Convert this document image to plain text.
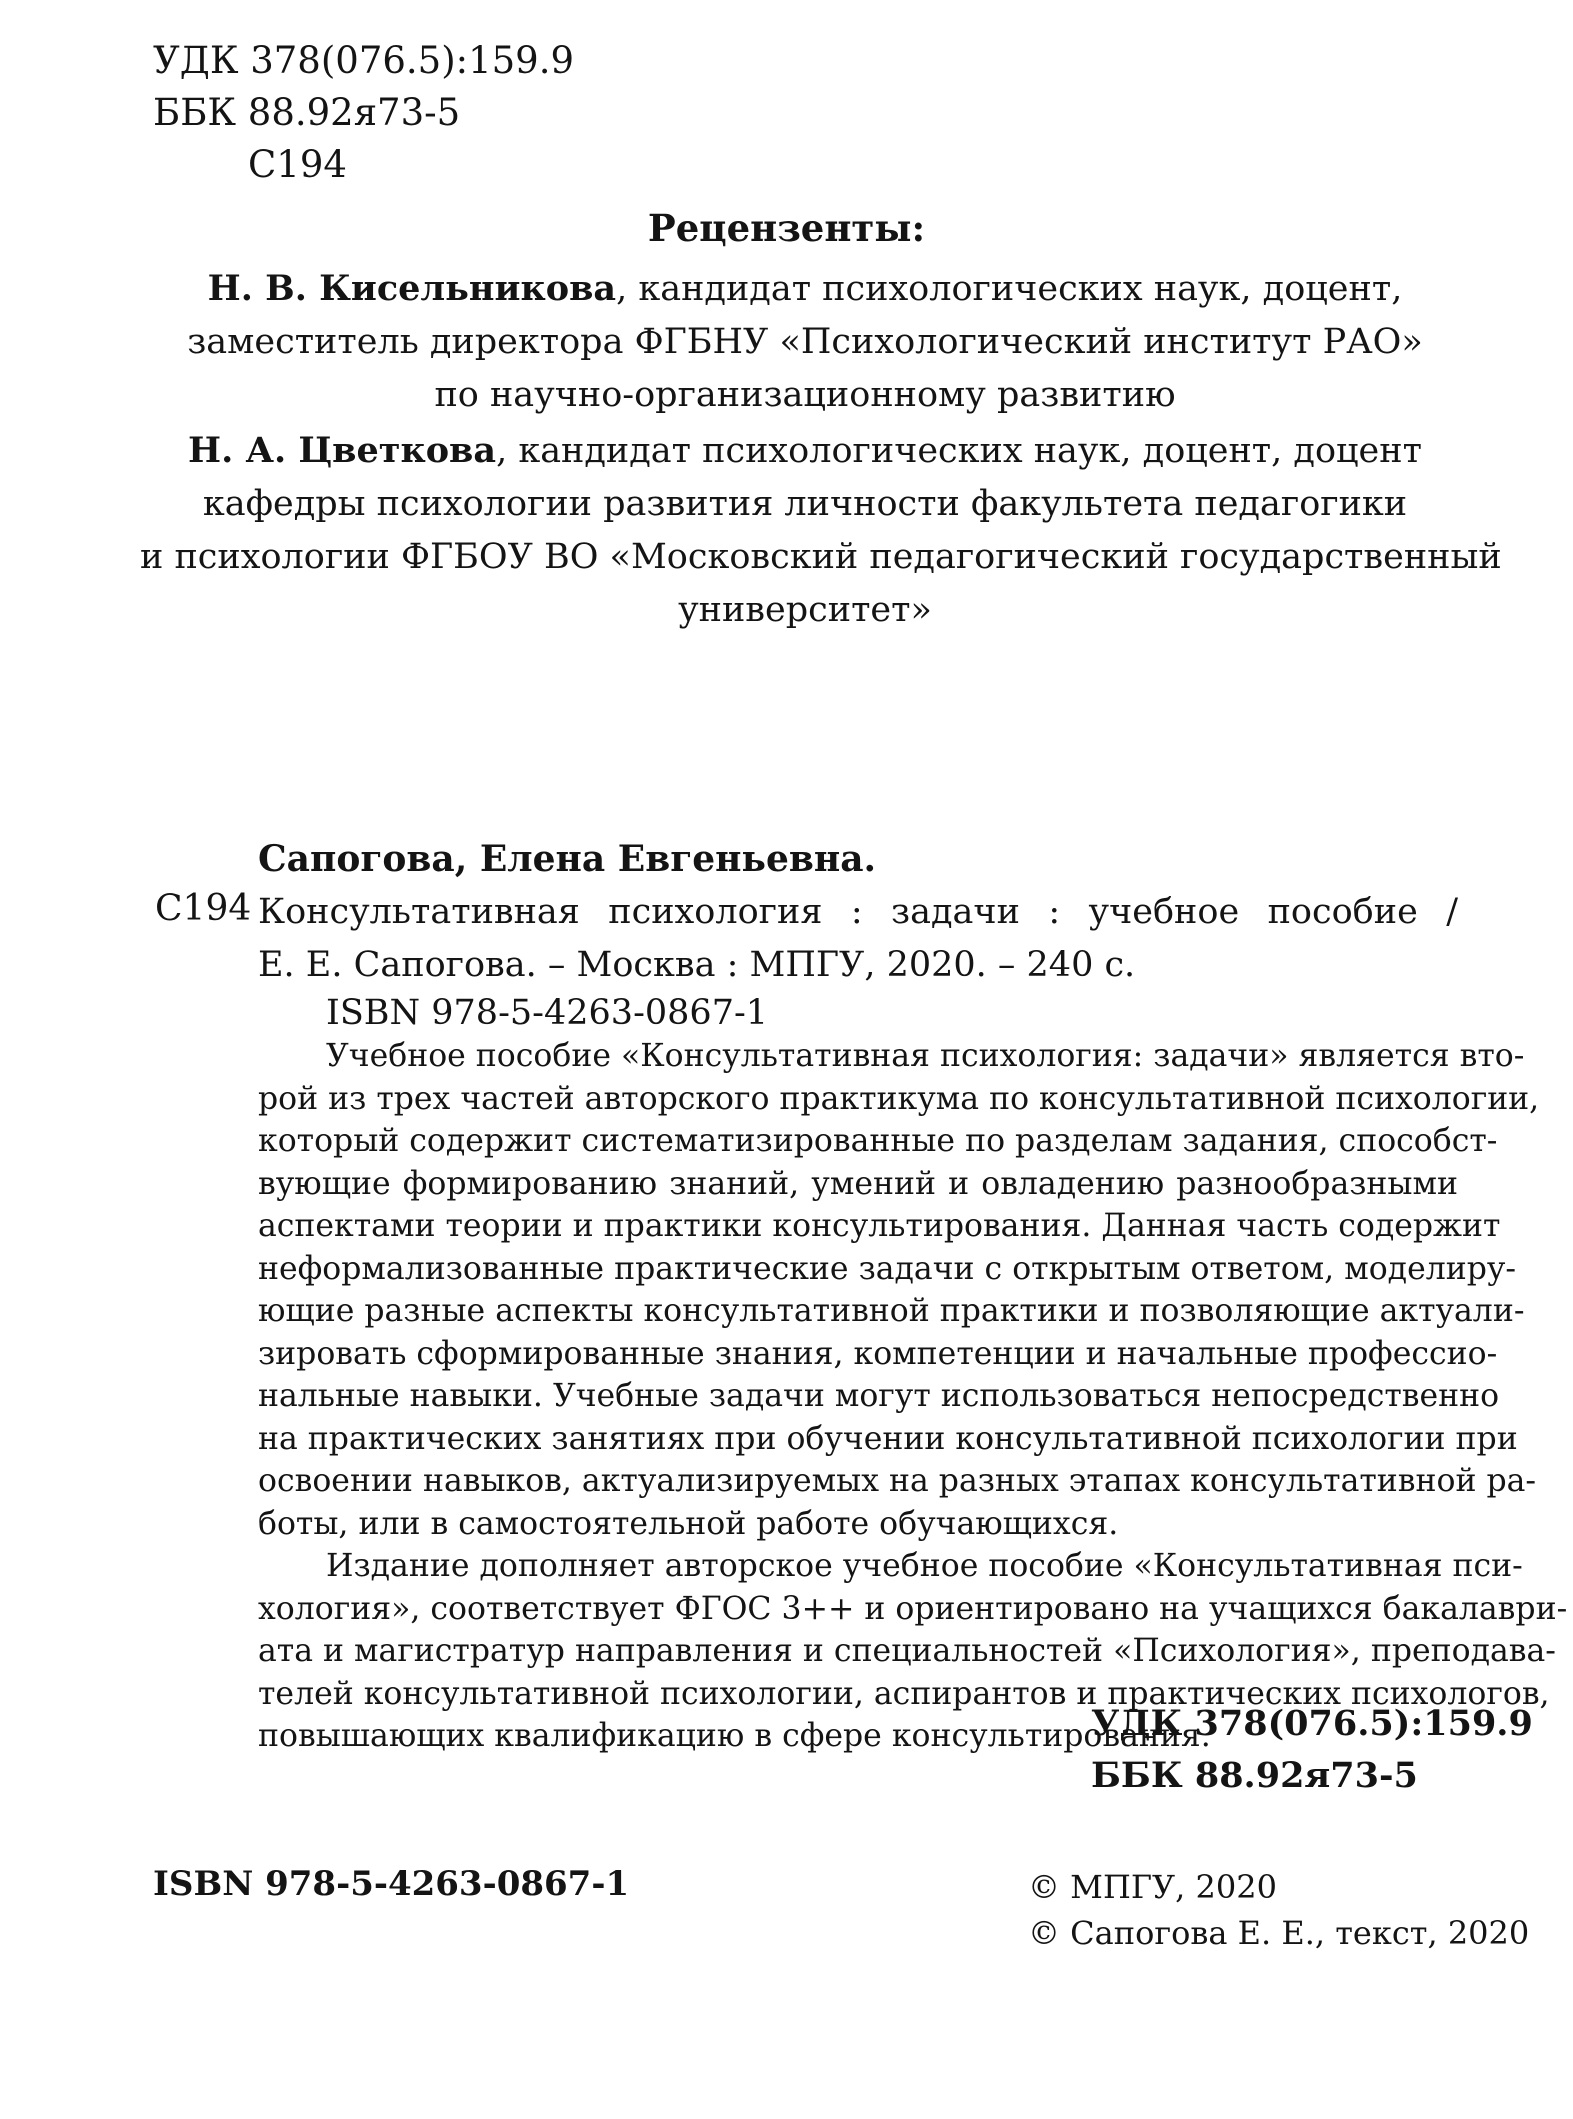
УДК 378(076.5):159.9
ББК 88.92я73-5
С194
Рецензенты:
Н. В. Кисельникова, кандидат психологических наук, доцент,
заместитель директора ФГБНУ «Психологический институт РАО»
по научно-организационному развитию
Н. А. Цветкова, кандидат психологических наук, доцент, доцент
кафедры психологии развития личности факультета педагогики
и психологии ФГБОУ ВО «Московский педагогический государственный
университет»
Сапогова, Елена Евгеньевна.
С194 Консультативная психология : задачи : учебное пособие /
Е. Е. Сапогова. – Москва : МПГУ, 2020. – 240 с.
ISBN 978-5-4263-0867-1
Учебное пособие «Консультативная психология: задачи» является вто-
рой из трех частей авторского практикума по консультативной психологии,
который содержит систематизированные по разделам задания, способст-
вующие формированию знаний, умений и овладению разнообразными
аспектами теории и практики консультирования. Данная часть содержит
неформализованные практические задачи с открытым ответом, моделиру-
ющие разные аспекты консультативной практики и позволяющие актуали-
зировать сформированные знания, компетенции и начальные профессио-
нальные навыки. Учебные задачи могут использоваться непосредственно
на практических занятиях при обучении консультативной психологии при
освоении навыков, актуализируемых на разных этапах консультативной ра-
боты, или в самостоятельной работе обучающихся.
Издание дополняет авторское учебное пособие «Консультативная пси-
хология», соответствует ФГОС 3++ и ориентировано на учащихся бакалаври-
ата и магистратур направления и специальностей «Психология», преподава-
телей консультативной психологии, аспирантов и практических психологов,
повышающих квалификацию в сфере консультирования.
УДК 378(076.5):159.9
ББК 88.92я73-5
ISBN 978-5-4263-0867-1	© МПГУ, 2020
© Сапогова Е. Е., текст, 2020
